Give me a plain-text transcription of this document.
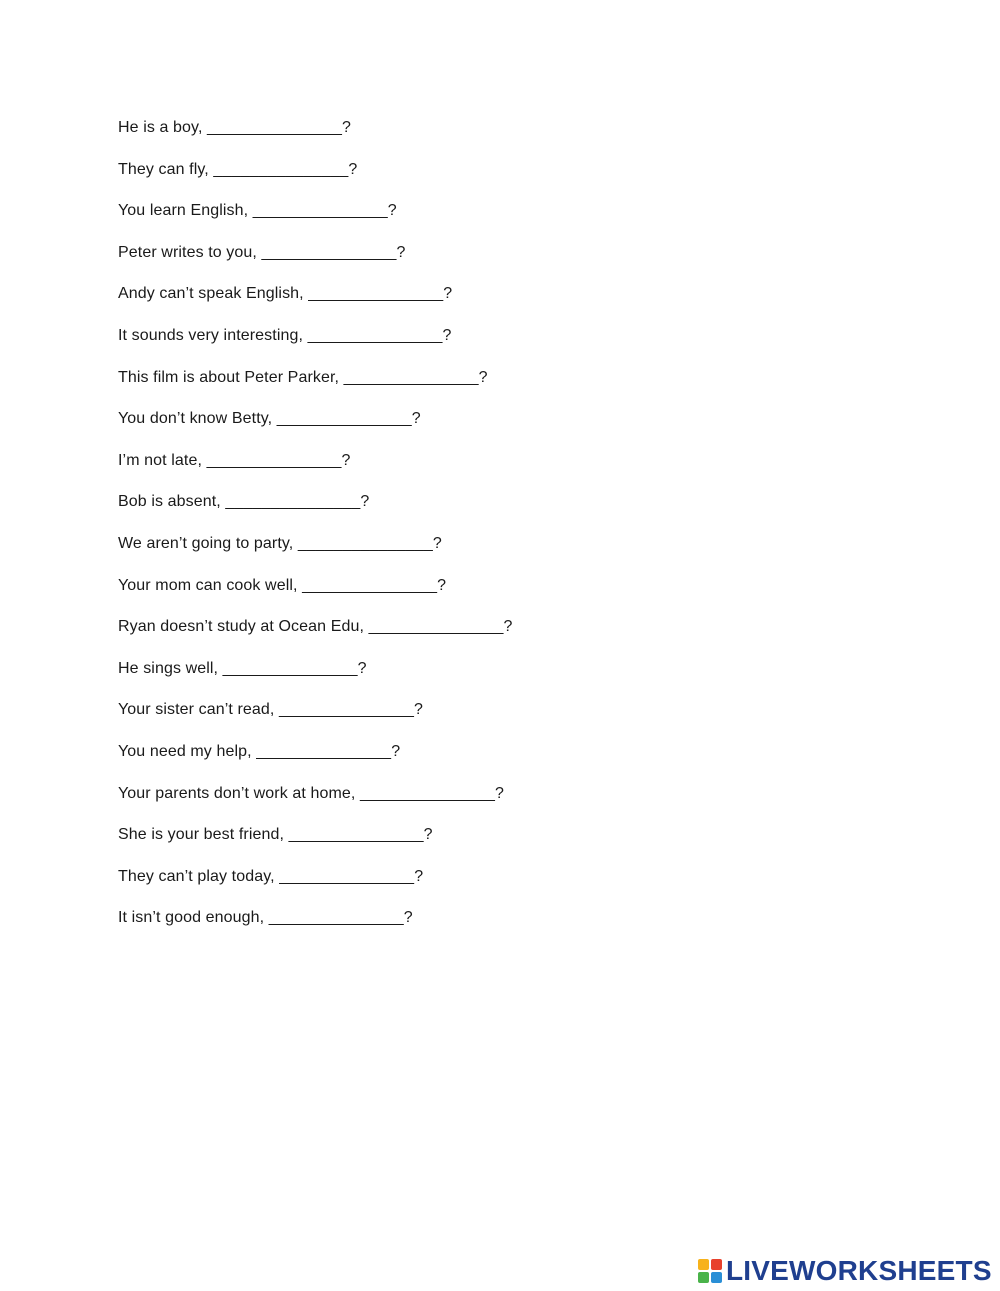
He is a boy, _______________?
They can fly, _______________?
You learn English, _______________?
Peter writes to you, _______________?
Andy can’t speak English, _______________?
It sounds very interesting, _______________?
This film is about Peter Parker, _______________?
You don’t know Betty, _______________?
I’m not late, _______________?
Bob is absent, _______________?
We aren’t going to party, _______________?
Your mom can cook well, _______________?
Ryan doesn’t study at Ocean Edu, _______________?
He sings well, _______________?
Your sister can’t read, _______________?
You need my help, _______________?
Your parents don’t work at home, _______________?
She is your best friend, _______________?
They can’t play today, _______________?
It isn’t good enough, _______________?
LIVEWORKSHEETS
